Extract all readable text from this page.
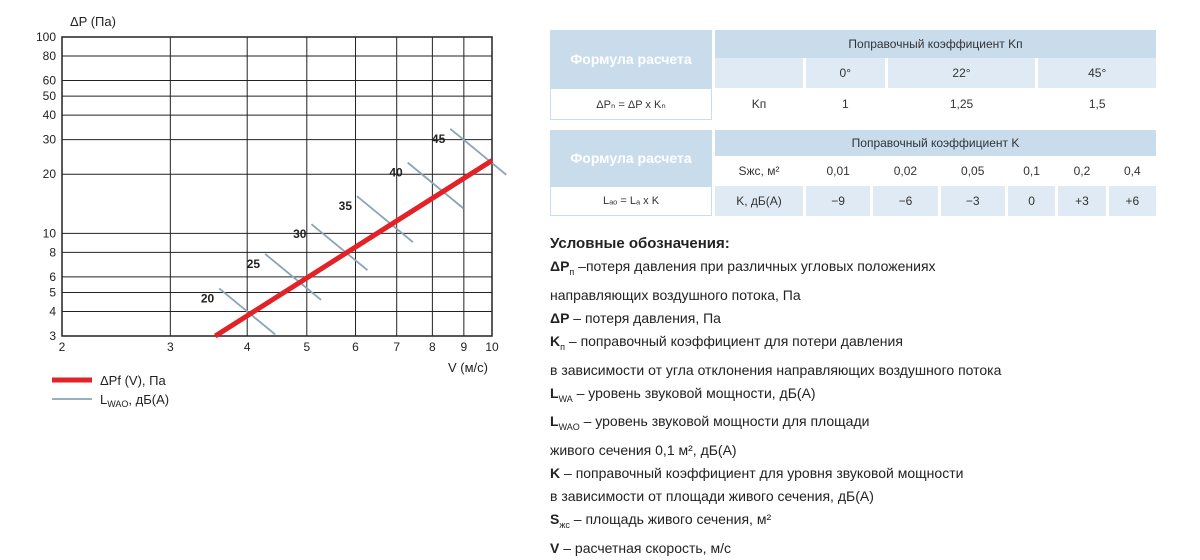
20
25
30
35
40
45
2	3	4	5	6	7 8 9 10
3
4
5
6
8
10
20
30
40
50
60
80
100
ΔP (Па)
V (м/с)
ΔPf (V), Па
$L_{WAO}$, дБ(А)
Формула расчета	Поправочный коэффициент Kп			
		0°	22°	45°
ΔPₙ = ΔP x Kₙ	Kп	1	1,25	1,5
Формула расчета	Поправочный коэффициент K						
	Sжс, м²	0,01	0,02	0,05	0,1	0,2	0,4
Lₐₒ = Lₐ x K	K, дБ(А)	−9	−6	−3	0	+3	+6
Условные обозначения:
$\Delta P_п$ –потеря давления при различных угловых положениях
направляющих воздушного потока, Па
ΔP – потеря давления, Па
$K_п$ – поправочный коэффициент для потери давления
в зависимости от угла отклонения направляющих воздушного потока
$L_{WA}$ – уровень звуковой мощности, дБ(А)
$L_{WAO}$ – уровень звуковой мощности для площади
живого сечения 0,1 м², дБ(А)
K – поправочный коэффициент для уровня звуковой мощности
в зависимости от площади живого сечения, дБ(А)
$S_{жс}$ – площадь живого сечения, м²
V – расчетная скорость, м/с
